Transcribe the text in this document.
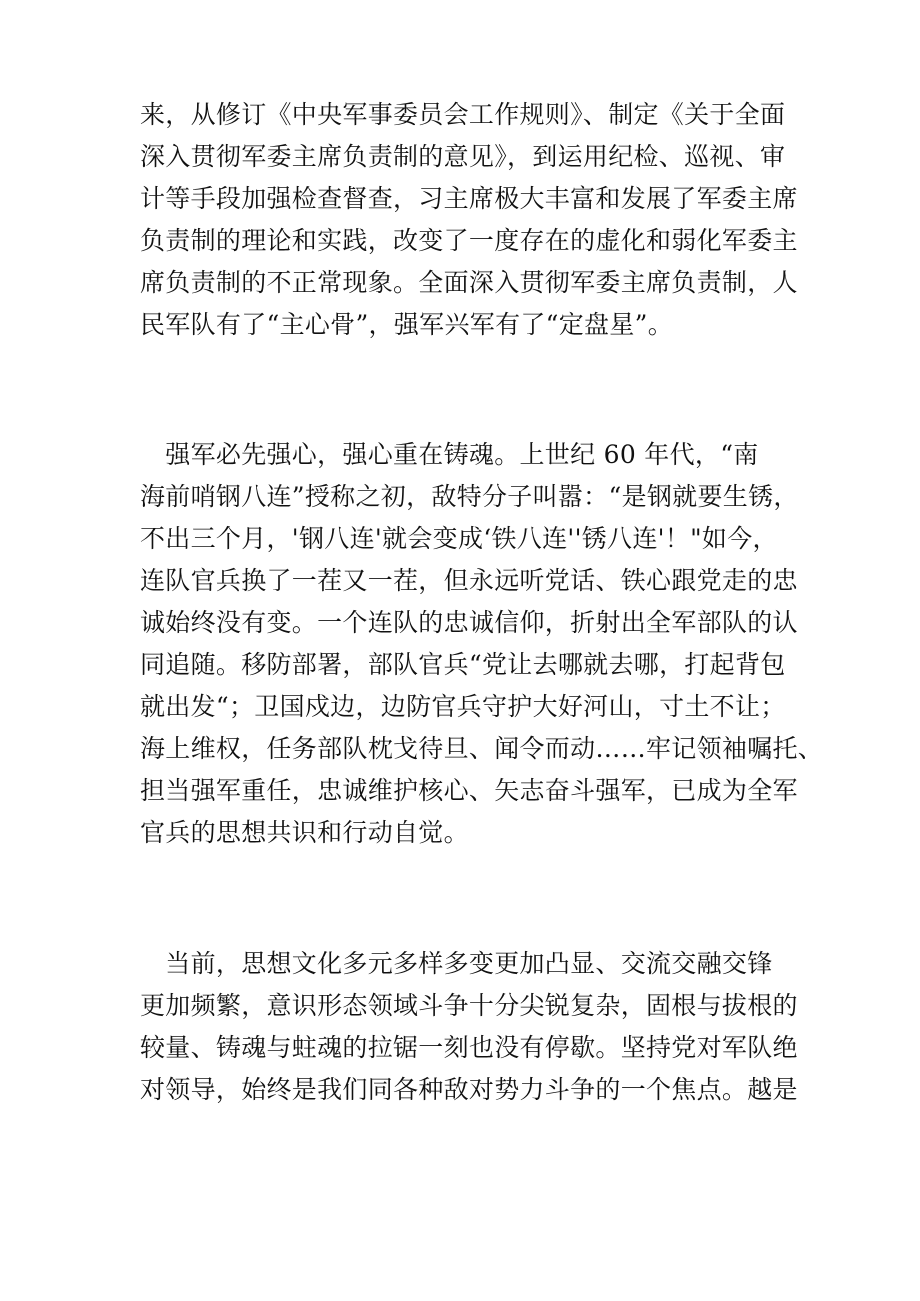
来，从修订《中央军事委员会工作规则》、制定《关于全面
深入贯彻军委主席负责制的意见》，到运用纪检、巡视、审
计等手段加强检查督查，习主席极大丰富和发展了军委主席
负责制的理论和实践，改变了一度存在的虚化和弱化军委主
席负责制的不正常现象。全面深入贯彻军委主席负责制，人
民军队有了“主心骨”，强军兴军有了“定盘星”。
　强军必先强心，强心重在铸魂。上世纪 60 年代，“南
海前哨钢八连”授称之初，敌特分子叫嚣：“是钢就要生锈，
不出三个月，'钢八连'就会变成‘铁八连''锈八连'！"如今，
连队官兵换了一茬又一茬，但永远听党话、铁心跟党走的忠
诚始终没有变。一个连队的忠诚信仰，折射出全军部队的认
同追随。移防部署，部队官兵“党让去哪就去哪，打起背包
就出发“；卫国戍边，边防官兵守护大好河山，寸土不让；
海上维权，任务部队枕戈待旦、闻令而动……牢记领袖嘱托、
担当强军重任，忠诚维护核心、矢志奋斗强军，已成为全军
官兵的思想共识和行动自觉。
　当前，思想文化多元多样多变更加凸显、交流交融交锋
更加频繁，意识形态领域斗争十分尖锐复杂，固根与拔根的
较量、铸魂与蛀魂的拉锯一刻也没有停歇。坚持党对军队绝
对领导，始终是我们同各种敌对势力斗争的一个焦点。越是
